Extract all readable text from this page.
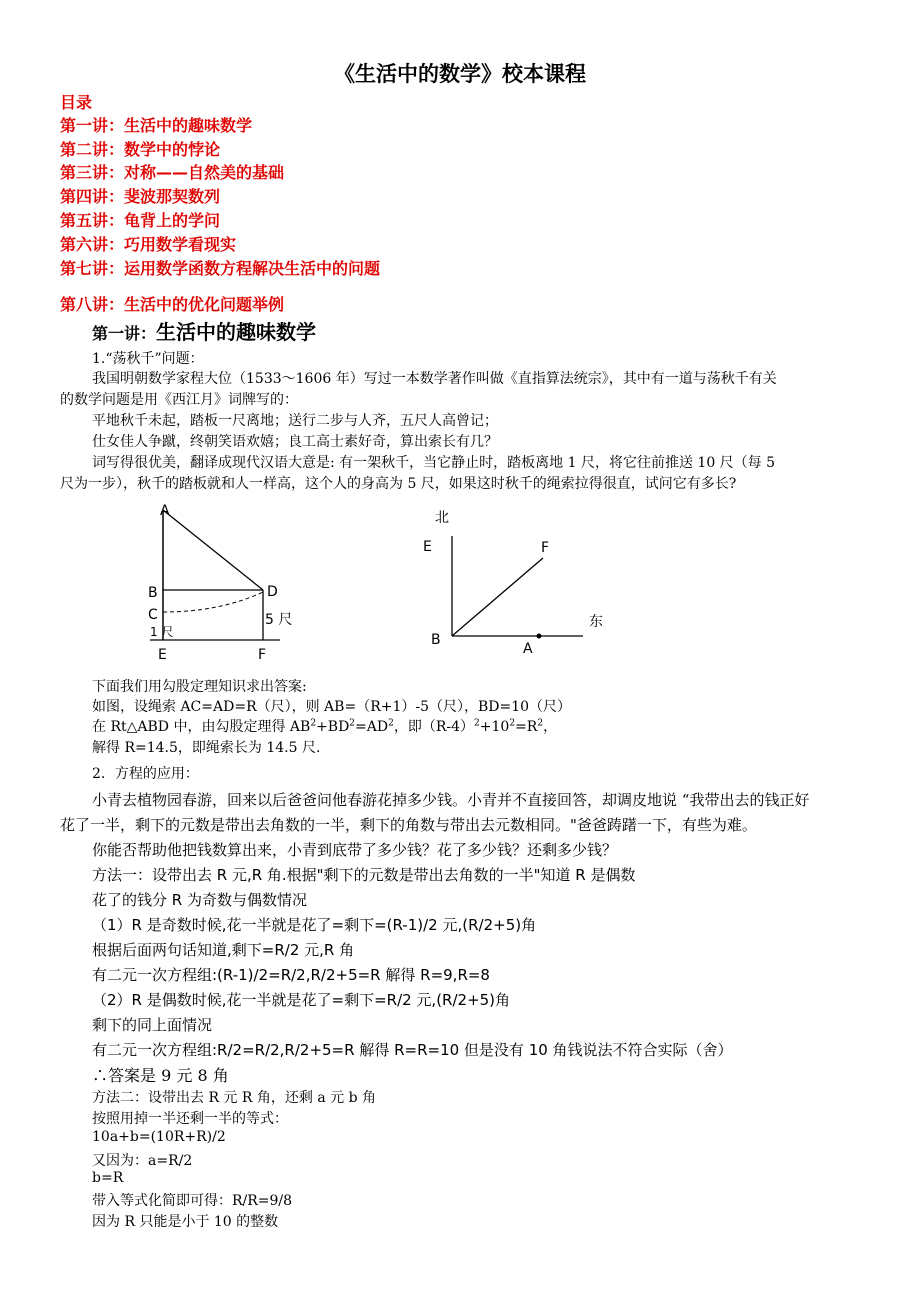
《生活中的数学》校本课程
目录
第一讲：生活中的趣味数学
第二讲：数学中的悖论
第三讲：对称——自然美的基础
第四讲：斐波那契数列
第五讲：龟背上的学问
第六讲：巧用数学看现实
第七讲：运用数学函数方程解决生活中的问题
第八讲：生活中的优化问题举例
第一讲：生活中的趣味数学
1.“荡秋千”问题：
我国明朝数学家程大位（1533～1606 年）写过一本数学著作叫做《直指算法统宗》，其中有一道与荡秋千有关
的数学问题是用《西江月》词牌写的：
平地秋千未起，踏板一尺离地；送行二步与人齐，五尺人高曾记；
仕女佳人争蹴，终朝笑语欢嬉；良工高士素好奇，算出索长有几？
词写得很优美，翻译成现代汉语大意是: 有一架秋千，当它静止时，踏板离地 1 尺，将它往前推送 10 尺（每 5
尺为一步），秋千的踏板就和人一样高，这个人的身高为 5 尺，如果这时秋千的绳索拉得很直，试问它有多长?
A
B
C
D
5 尺
1 尺
E	F
北
东
E	F
B
A
下面我们用勾股定理知识求出答案:
如图，设绳索 AC=AD=R（尺），则 AB=（R+1）-5（尺），BD=10（尺）
在 Rt△ABD 中，由勾股定理得 $AB^2+BD^2=AD^2$，即$(R-4)^2+10^2=R^2$，
解得 R=14.5，即绳索长为 14.5 尺.
2．方程的应用：
小青去植物园春游，回来以后爸爸问他春游花掉多少钱。小青并不直接回答，却调皮地说 “我带出去的钱正好
花了一半，剩下的元数是带出去角数的一半，剩下的角数与带出去元数相同。"爸爸踌躇一下，有些为难。
你能否帮助他把钱数算出来，小青到底带了多少钱？花了多少钱？还剩多少钱？
方法一：设带出去 R 元,R 角.根据"剩下的元数是带出去角数的一半"知道 R 是偶数
花了的钱分 R 为奇数与偶数情况
（1）R 是奇数时候,花一半就是花了=剩下=(R-1)/2 元,(R/2+5)角
根据后面两句话知道,剩下=R/2 元,R 角
有二元一次方程组:(R-1)/2=R/2,R/2+5=R 解得 R=9,R=8
（2）R 是偶数时候,花一半就是花了=剩下=R/2 元,(R/2+5)角
剩下的同上面情况
有二元一次方程组:R/2=R/2,R/2+5=R 解得 R=R=10 但是没有 10 角钱说法不符合实际（舍）
∴答案是 9 元 8 角
方法二：设带出去 R 元 R 角，还剩 a 元 b 角
按照用掉一半还剩一半的等式：
10a+b=(10R+R)/2
又因为：a=R/2
b=R
带入等式化简即可得：R/R=9/8
因为 R 只能是小于 10 的整数
